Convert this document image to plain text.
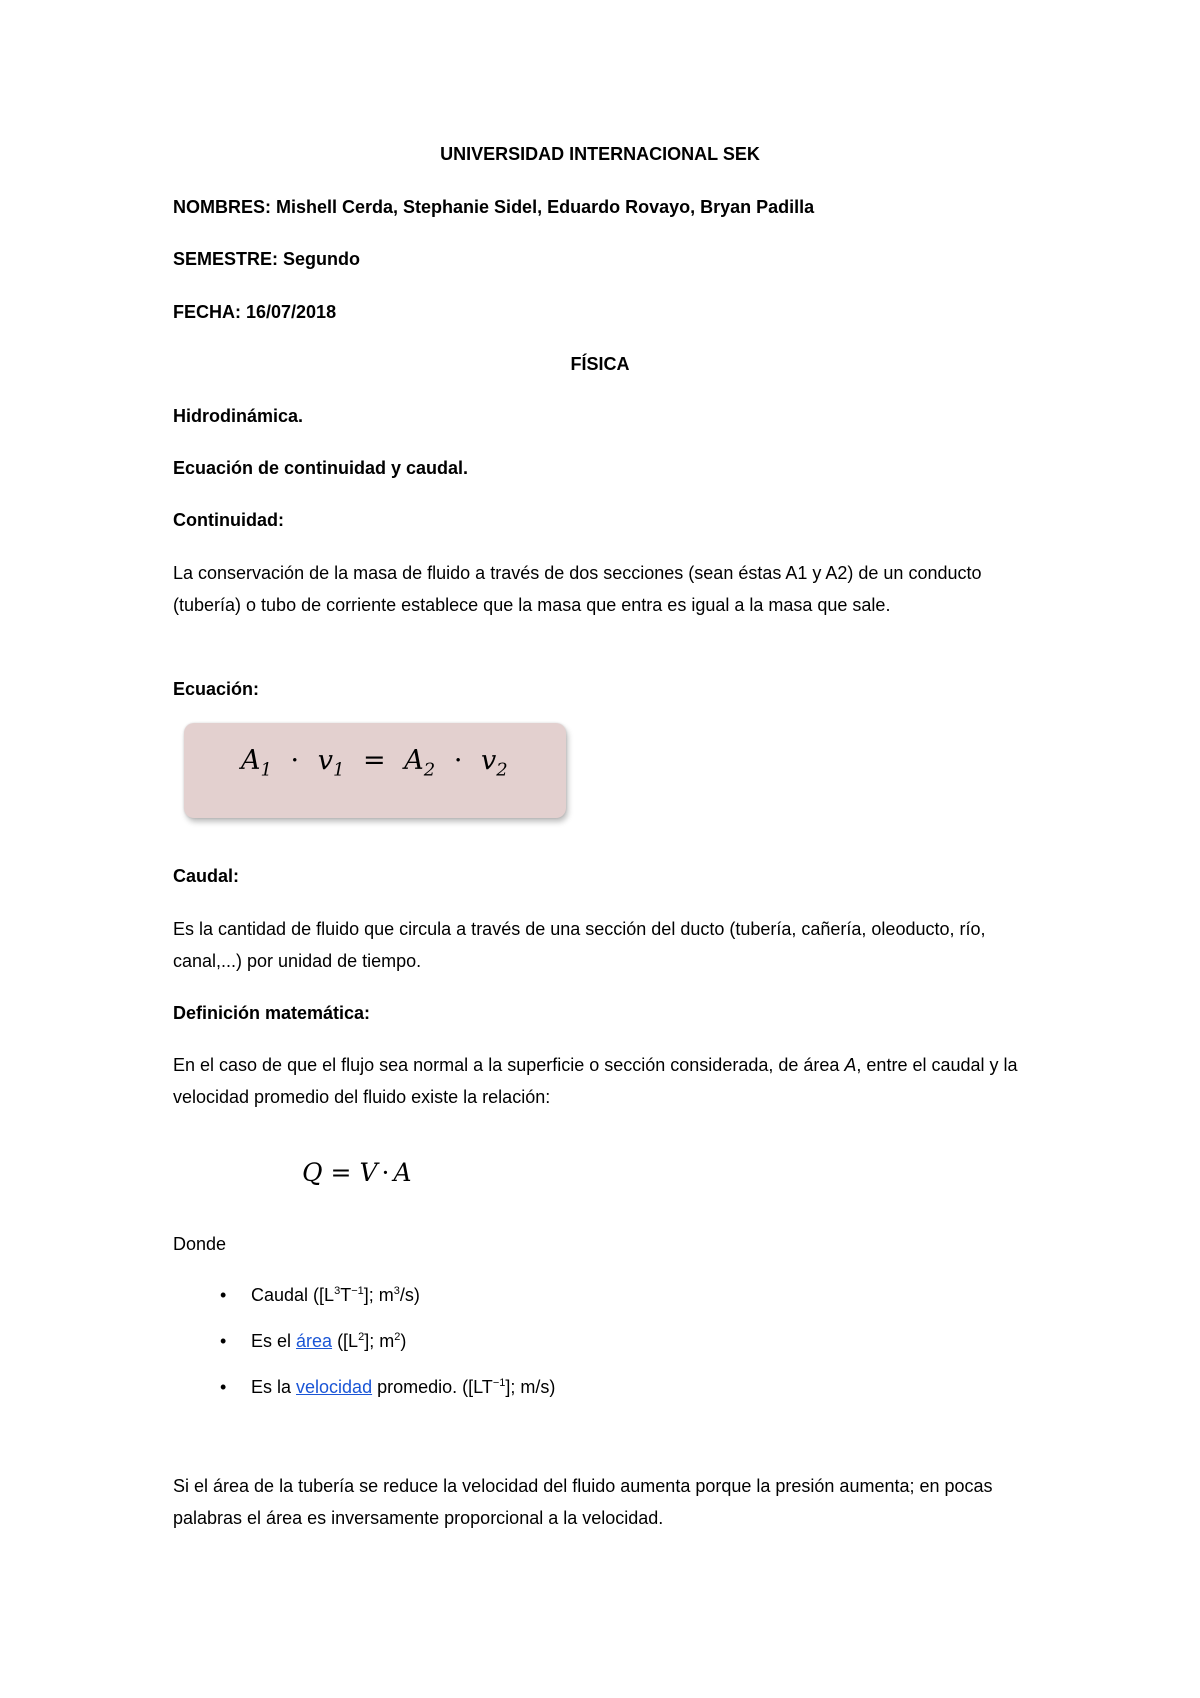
UNIVERSIDAD INTERNACIONAL SEK
NOMBRES: Mishell Cerda, Stephanie Sidel, Eduardo Rovayo, Bryan Padilla
SEMESTRE: Segundo
FECHA: 16/07/2018
FÍSICA
Hidrodinámica.
Ecuación de continuidad y caudal.
Continuidad:
La conservación de la masa de fluido a través de dos secciones (sean éstas A1 y A2) de un conducto (tubería) o tubo de corriente establece que la masa que entra es igual a la masa que sale.
Ecuación:
$A_1 \cdot v_1 = A_2 \cdot v_2$
Caudal:
Es la cantidad de fluido que circula a través de una sección del ducto (tubería, cañería, oleoducto, río, canal,...) por unidad de tiempo.
Definición matemática:
En el caso de que el flujo sea normal a la superficie o sección considerada, de área A, entre el caudal y la velocidad promedio del fluido existe la relación:
Q = V · A
Donde
• Caudal ($[L^3T^{-1}]$; $m^3/s$)
• Es el área ($[L^2]$; $m^2$)
• Es la velocidad promedio. ($[LT^{-1}]$; m/s)
Si el área de la tubería se reduce la velocidad del fluido aumenta porque la presión aumenta; en pocas palabras el área es inversamente proporcional a la velocidad.
